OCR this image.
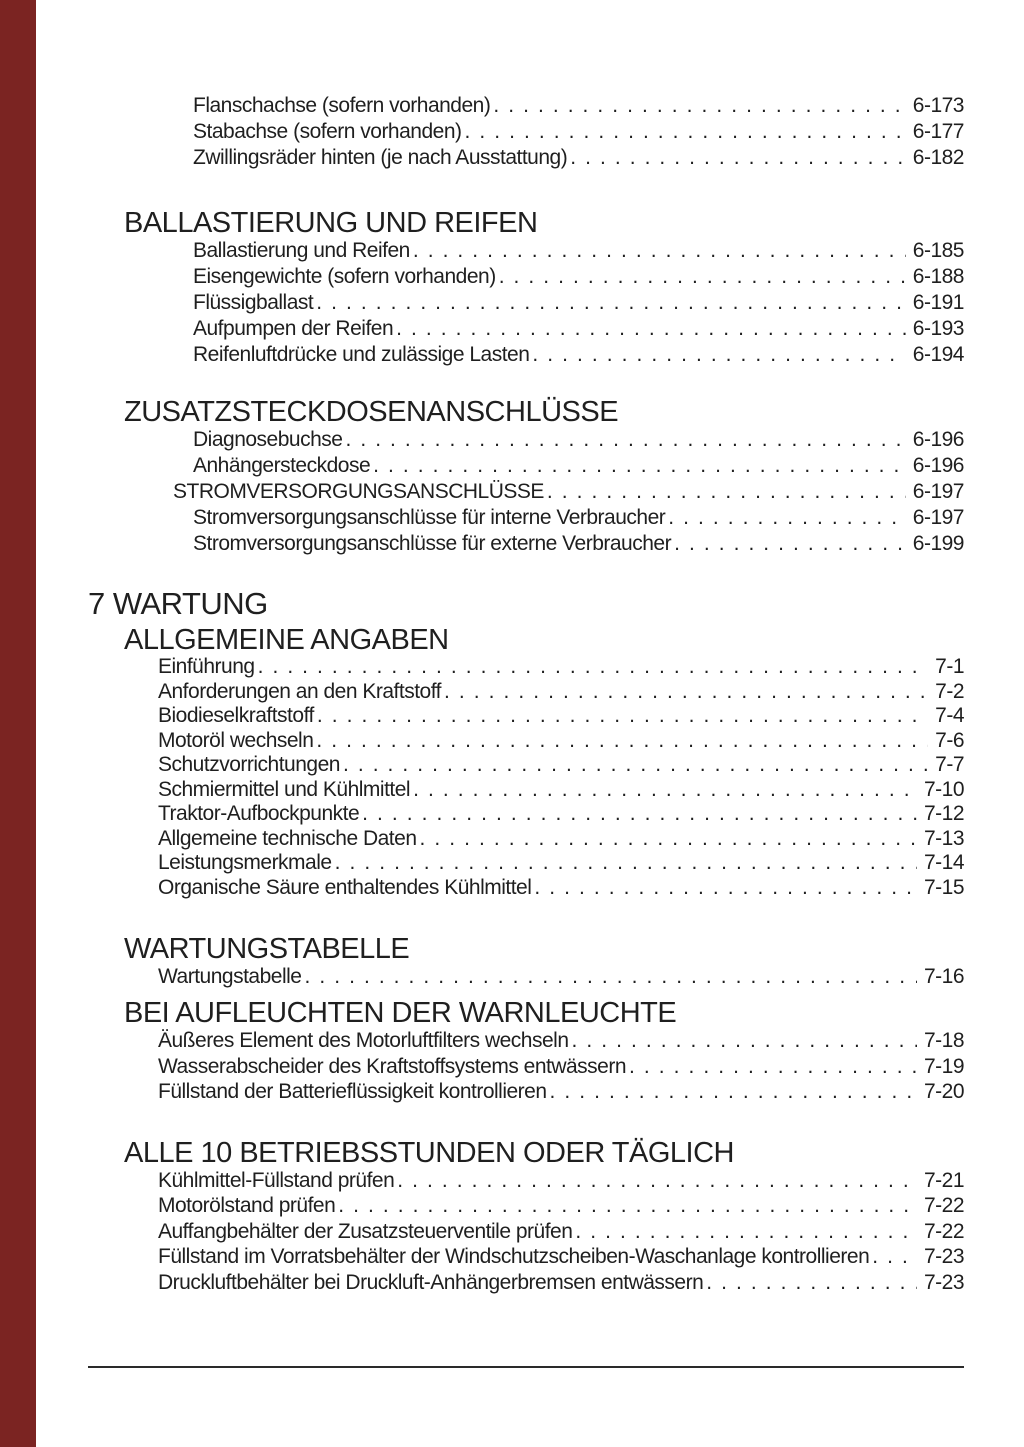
Flanschachse (sofern vorhanden) . . .	6-173
Stabachse (sofern vorhanden) . . .	6-177
Zwillingsräder hinten (je nach Ausstattung) . . .	6-182
BALLASTIERUNG UND REIFEN
Ballastierung und Reifen . . .	6-185
Eisengewichte (sofern vorhanden) . . .	6-188
Flüssigballast . . .	6-191
Aufpumpen der Reifen . . .	6-193
Reifenluftdrücke und zulässige Lasten . . .	6-194
ZUSATZSTECKDOSENANSCHLÜSSE
Diagnosebuchse . . .	6-196
Anhängersteckdose . . .	6-196
STROMVERSORGUNGSANSCHLÜSSE . . .	6-197
Stromversorgungsanschlüsse für interne Verbraucher . . .	6-197
Stromversorgungsanschlüsse für externe Verbraucher . . .	6-199
7 WARTUNG
ALLGEMEINE ANGABEN
Einführung . . .	7-1
Anforderungen an den Kraftstoff . . .	7-2
Biodieselkraftstoff . . .	7-4
Motoröl wechseln . . .	7-6
Schutzvorrichtungen . . .	7-7
Schmiermittel und Kühlmittel . . .	7-10
Traktor-Aufbockpunkte . . .	7-12
Allgemeine technische Daten . . .	7-13
Leistungsmerkmale . . .	7-14
Organische Säure enthaltendes Kühlmittel . . .	7-15
WARTUNGSTABELLE
Wartungstabelle . . .	7-16
BEI AUFLEUCHTEN DER WARNLEUCHTE
Äußeres Element des Motorluftfilters wechseln . . .	7-18
Wasserabscheider des Kraftstoffsystems entwässern . . .	7-19
Füllstand der Batterieflüssigkeit kontrollieren . . .	7-20
ALLE 10 BETRIEBSSTUNDEN ODER TÄGLICH
Kühlmittel-Füllstand prüfen . . .	7-21
Motorölstand prüfen . . .	7-22
Auffangbehälter der Zusatzsteuerventile prüfen . . .	7-22
Füllstand im Vorratsbehälter der Windschutzscheiben-Waschanlage kontrollieren . . .	7-23
Druckluftbehälter bei Druckluft-Anhängerbremsen entwässern . . .	7-23
